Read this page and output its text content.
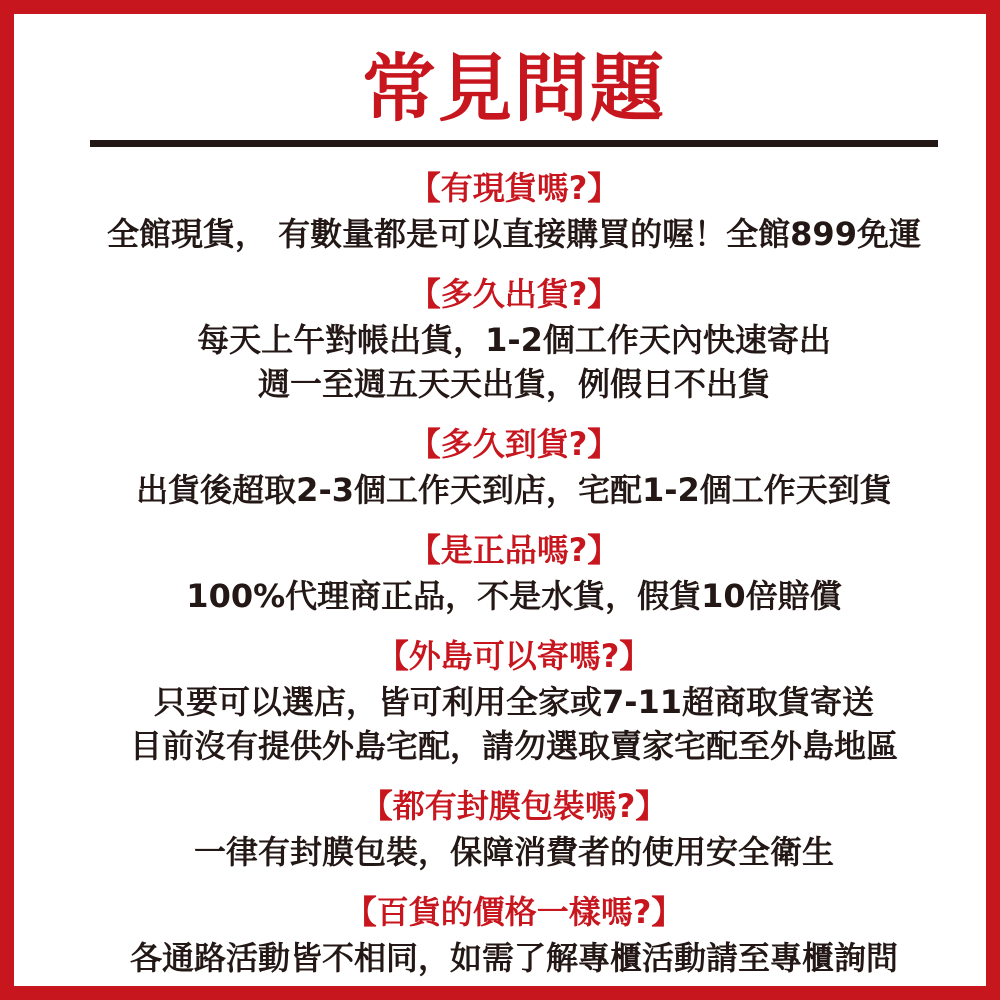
常見問題
【有現貨嗎?】
全館現貨， 有數量都是可以直接購買的喔！全館899免運
【多久出貨?】
每天上午對帳出貨，1-2個工作天內快速寄出
週一至週五天天出貨，例假日不出貨
【多久到貨?】
出貨後超取2-3個工作天到店，宅配1-2個工作天到貨
【是正品嗎?】
100%代理商正品，不是水貨，假貨10倍賠償
【外島可以寄嗎?】
只要可以選店，皆可利用全家或7-11超商取貨寄送
目前沒有提供外島宅配，請勿選取賣家宅配至外島地區
【都有封膜包裝嗎?】
一律有封膜包裝，保障消費者的使用安全衛生
【百貨的價格一樣嗎?】
各通路活動皆不相同，如需了解專櫃活動請至專櫃詢問
